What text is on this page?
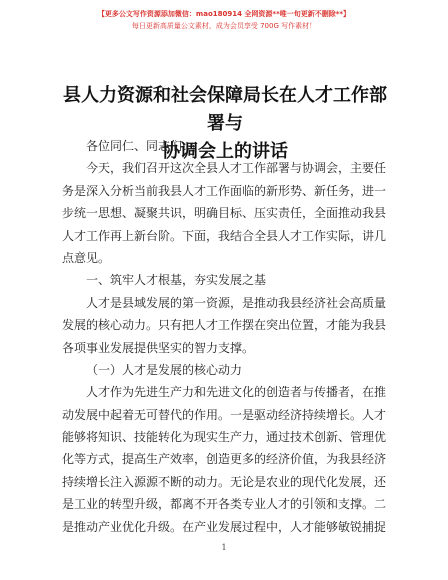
【更多公文写作资源添加微信：mao180914 全网资源**唯一旬更新不删除**】
每日更新高质量公文素材，成为会员享受 700G 写作素材！
县人力资源和社会保障局长在人才工作部署与
协调会上的讲话
各位同仁、同志们：
今天，我们召开这次全县人才工作部署与协调会，主要任
务是深入分析当前我县人才工作面临的新形势、新任务，进一
步统一思想、凝聚共识，明确目标、压实责任，全面推动我县
人才工作再上新台阶。下面，我结合全县人才工作实际，讲几
点意见。
一、筑牢人才根基，夯实发展之基
人才是县域发展的第一资源，是推动我县经济社会高质量
发展的核心动力。只有把人才工作摆在突出位置，才能为我县
各项事业发展提供坚实的智力支撑。
（一）人才是发展的核心动力
人才作为先进生产力和先进文化的创造者与传播者，在推
动发展中起着无可替代的作用。一是驱动经济持续增长。人才
能够将知识、技能转化为现实生产力，通过技术创新、管理优
化等方式，提高生产效率，创造更多的经济价值，为我县经济
持续增长注入源源不断的动力。无论是农业的现代化发展，还
是工业的转型升级，都离不开各类专业人才的引领和支撑。二
是推动产业优化升级。在产业发展过程中，人才能够敏锐捕捉
1
